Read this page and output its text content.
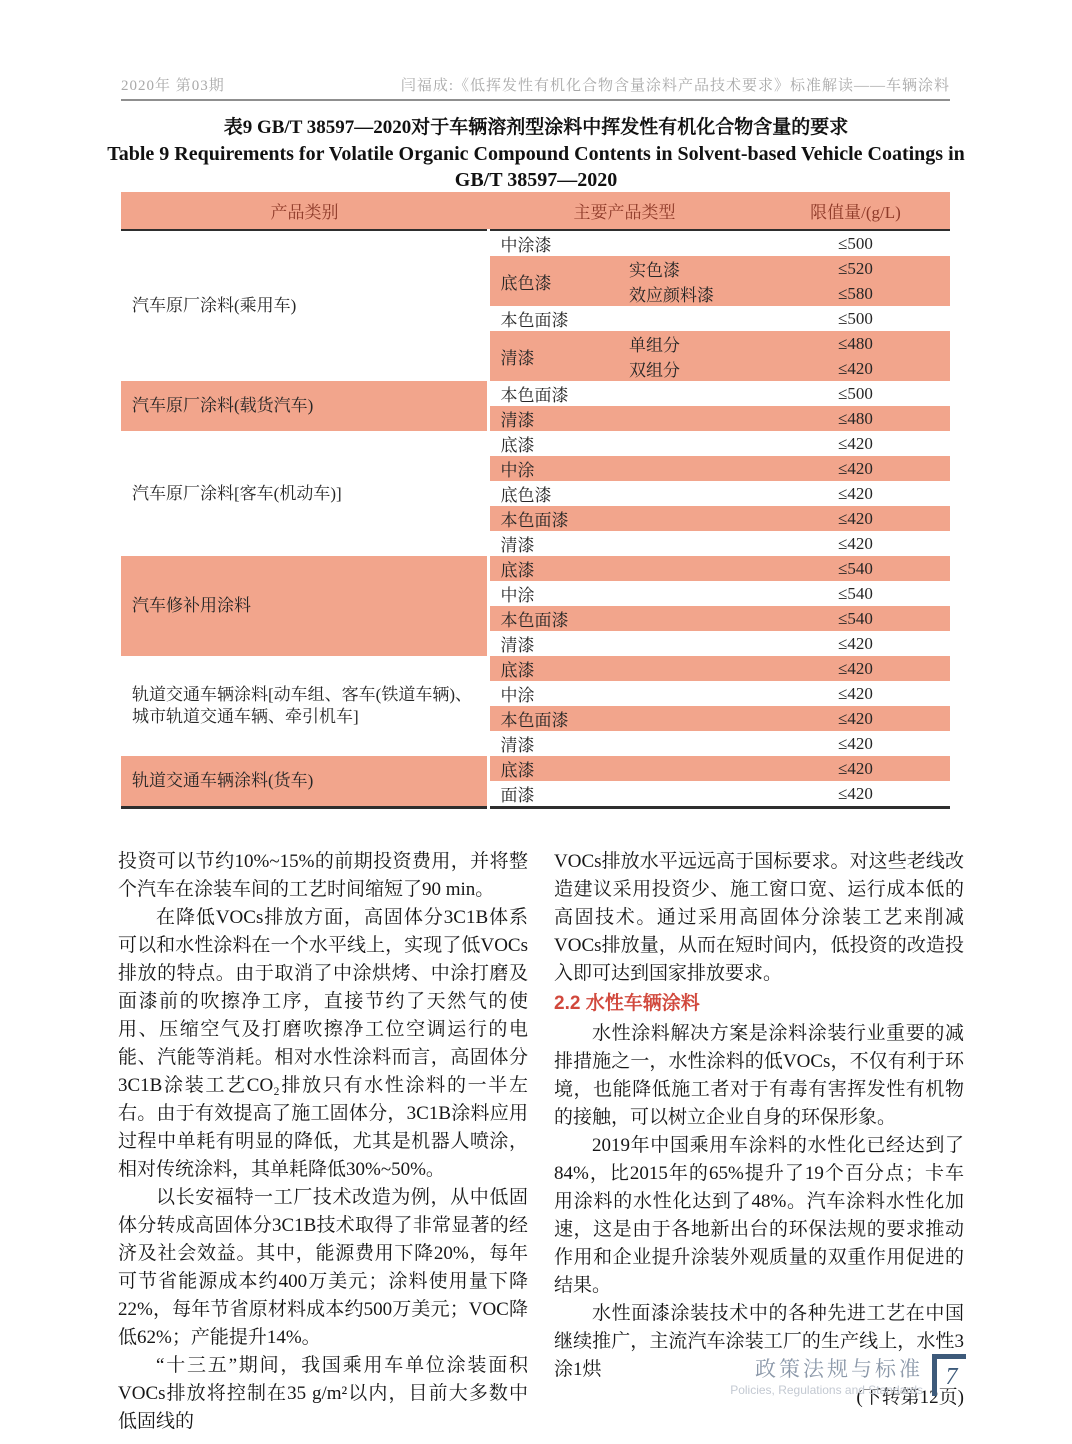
2020年 第03期	闫福成:《低挥发性有机化合物含量涂料产品技术要求》标准解读——车辆涂料
表9 GB/T 38597—2020对于车辆溶剂型涂料中挥发性有机化合物含量的要求
Table 9 Requirements for Volatile Organic Compound Contents in Solvent-based Vehicle Coatings in
GB/T 38597—2020
产品类别	主要产品类型		限值量/(g/L)
汽车原厂涂料(乘用车)	中涂漆		≤500
	底色漆	实色漆	≤520
		效应颜料漆	≤580
	本色面漆		≤500
	清漆	单组分	≤480
		双组分	≤420
汽车原厂涂料(载货汽车)	本色面漆		≤500
	清漆		≤480
汽车原厂涂料[客车(机动车)]	底漆		≤420
	中涂		≤420
	底色漆		≤420
	本色面漆		≤420
	清漆		≤420
汽车修补用涂料	底漆		≤540
	中涂		≤540
	本色面漆		≤540
	清漆		≤420
轨道交通车辆涂料[动车组、客车(铁道车辆)、城市轨道交通车辆、牵引机车]	底漆		≤420
	中涂		≤420
	本色面漆		≤420
	清漆		≤420
轨道交通车辆涂料(货车)	底漆		≤420
	面漆		≤420

投资可以节约10%~15%的前期投资费用，并将整个汽车在涂装车间的工艺时间缩短了90 min。

在降低VOCs排放方面，高固体分3C1B体系可以和水性涂料在一个水平线上，实现了低VOCs排放的特点。由于取消了中涂烘烤、中涂打磨及面漆前的吹擦净工序，直接节约了天然气的使用、压缩空气及打磨吹擦净工位空调运行的电能、汽能等消耗。相对水性涂料而言，高固体分3C1B涂装工艺CO₂排放只有水性涂料的一半左右。由于有效提高了施工固体分，3C1B涂料应用过程中单耗有明显的降低，尤其是机器人喷涂，相对传统涂料，其单耗降低30%~50%。

以长安福特一工厂技术改造为例，从中低固体分转成高固体分3C1B技术取得了非常显著的经济及社会效益。其中，能源费用下降20%，每年可节省能源成本约400万美元；涂料使用量下降22%，每年节省原材料成本约500万美元；VOC降低62%；产能提升14%。

“十三五”期间，我国乘用车单位涂装面积VOCs排放将控制在35 g/m²以内，目前大多数中低固线的

VOCs排放水平远远高于国标要求。对这些老线改造建议采用投资少、施工窗口宽、运行成本低的高固技术。通过采用高固体分涂装工艺来削减VOCs排放量，从而在短时间内，低投资的改造投入即可达到国家排放要求。

2.2 水性车辆涂料

水性涂料解决方案是涂料涂装行业重要的减排措施之一，水性涂料的低VOCs，不仅有利于环境，也能降低施工者对于有毒有害挥发性有机物的接触，可以树立企业自身的环保形象。

2019年中国乘用车涂料的水性化已经达到了84%，比2015年的65%提升了19个百分点；卡车用涂料的水性化达到了48%。汽车涂料水性化加速，这是由于各地新出台的环保法规的要求推动作用和企业提升涂装外观质量的双重作用促进的结果。

水性面漆涂装技术中的各种先进工艺在中国继续推广，主流汽车涂装工厂的生产线上，水性3涂1烘

(下转第12页)

政策法规与标准
Policies, Regulations and Standards 7
